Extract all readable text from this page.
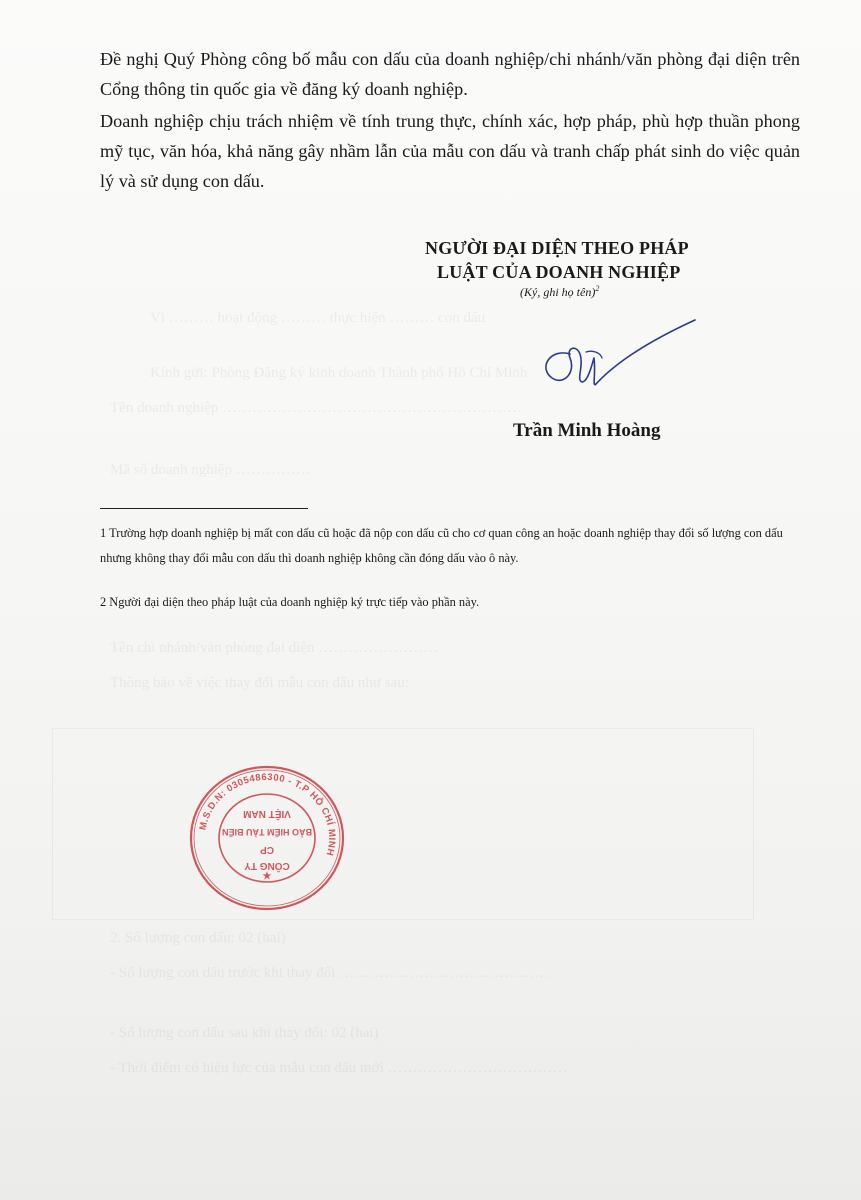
Vì ……… hoạt động ……… thực hiện ……… con dấu
Kính gửi: Phòng Đăng ký kinh doanh Thành phố Hồ Chí Minh
Tên doanh nghiệp ……………………………………………………
Mã số doanh nghiệp ……………
Tên chi nhánh/văn phòng đại diện ……………………
Thông báo về việc thay đổi mẫu con dấu như sau:
2. Số lượng con dấu: 02 (hai)
- Số lượng con dấu trước khi thay đổi ……………………………………
- Số lượng con dấu sau khi thay đổi: 02 (hai)
- Thời điểm có hiệu lực của mẫu con dấu mới ………………………………

Đề nghị Quý Phòng công bố mẫu con dấu của doanh nghiệp/chi nhánh/văn phòng đại diện trên Cổng thông tin quốc gia về đăng ký doanh nghiệp.

Doanh nghiệp chịu trách nhiệm về tính trung thực, chính xác, hợp pháp, phù hợp thuần phong mỹ tục, văn hóa, khả năng gây nhầm lẫn của mẫu con dấu và tranh chấp phát sinh do việc quản lý và sử dụng con dấu.

NGƯỜI ĐẠI DIỆN THEO PHÁP
LUẬT CỦA DOANH NGHIỆP
(Ký, ghi họ tên)$^2$
Trần Minh Hoàng

1 Trường hợp doanh nghiệp bị mất con dấu cũ hoặc đã nộp con dấu cũ cho cơ quan công an hoặc doanh nghiệp thay đổi số lượng con dấu nhưng không thay đổi mẫu con dấu thì doanh nghiệp không cần đóng dấu vào ô này.

2 Người đại diện theo pháp luật của doanh nghiệp ký trực tiếp vào phần này.

M.S.D.N: 0305486300 - T.P HỒ CHÍ MINH
CÔNG TY
CP
BẢO HIỂM TÀU BIỂN
VIỆT NAM
★
